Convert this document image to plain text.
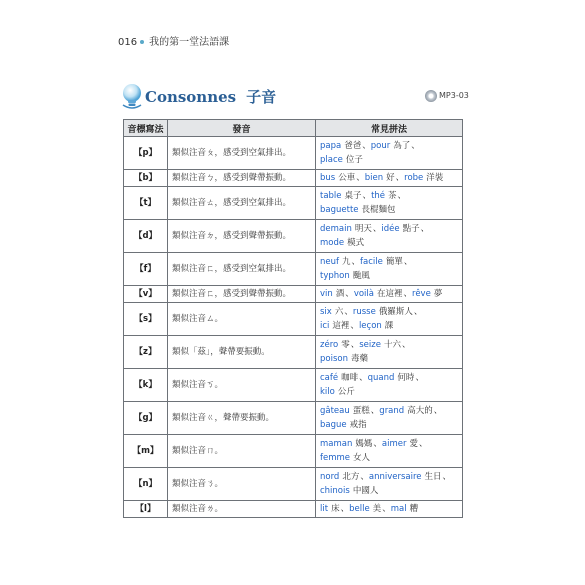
016 我的第一堂法語課
Consonnes 子音	MP3-03
音標寫法	發音	常見拼法
【p】	類似注音ㄆ，感受到空氣排出。	papa 爸爸、pour 為了、
place 位子

【b】	類似注音ㄅ，感受到聲帶振動。	bus 公車、bien 好、robe 洋裝

【t】	類似注音ㄊ，感受到空氣排出。	table 桌子、thé 茶、
baguette 長棍麵包

【d】	類似注音ㄉ，感受到聲帶振動。	demain 明天、idée 點子、
mode 模式

【f】	類似注音ㄈ，感受到空氣排出。	neuf 九、facile 簡單、
typhon 颱風

【v】	類似注音ㄈ，感受到聲帶振動。	vin 酒、voilà 在這裡、rêve 夢

【s】	類似注音ㄙ。	six 六、russe 俄羅斯人、
ici 這裡、leçon 課

【z】	類似「茲」，聲帶要振動。	zéro 零、seize 十六、
poison 毒藥

【k】	類似注音ㄎ。	café 咖啡、quand 何時、
kilo 公斤

【g】	類似注音ㄍ，聲帶要振動。	gâteau 蛋糕、grand 高大的、
bague 戒指

【m】	類似注音ㄇ。	maman 媽媽、aimer 愛、
femme 女人

【n】	類似注音ㄋ。	nord 北方、anniversaire 生日、
chinois 中國人

【l】	類似注音ㄌ。	lit 床、belle 美、mal 糟
